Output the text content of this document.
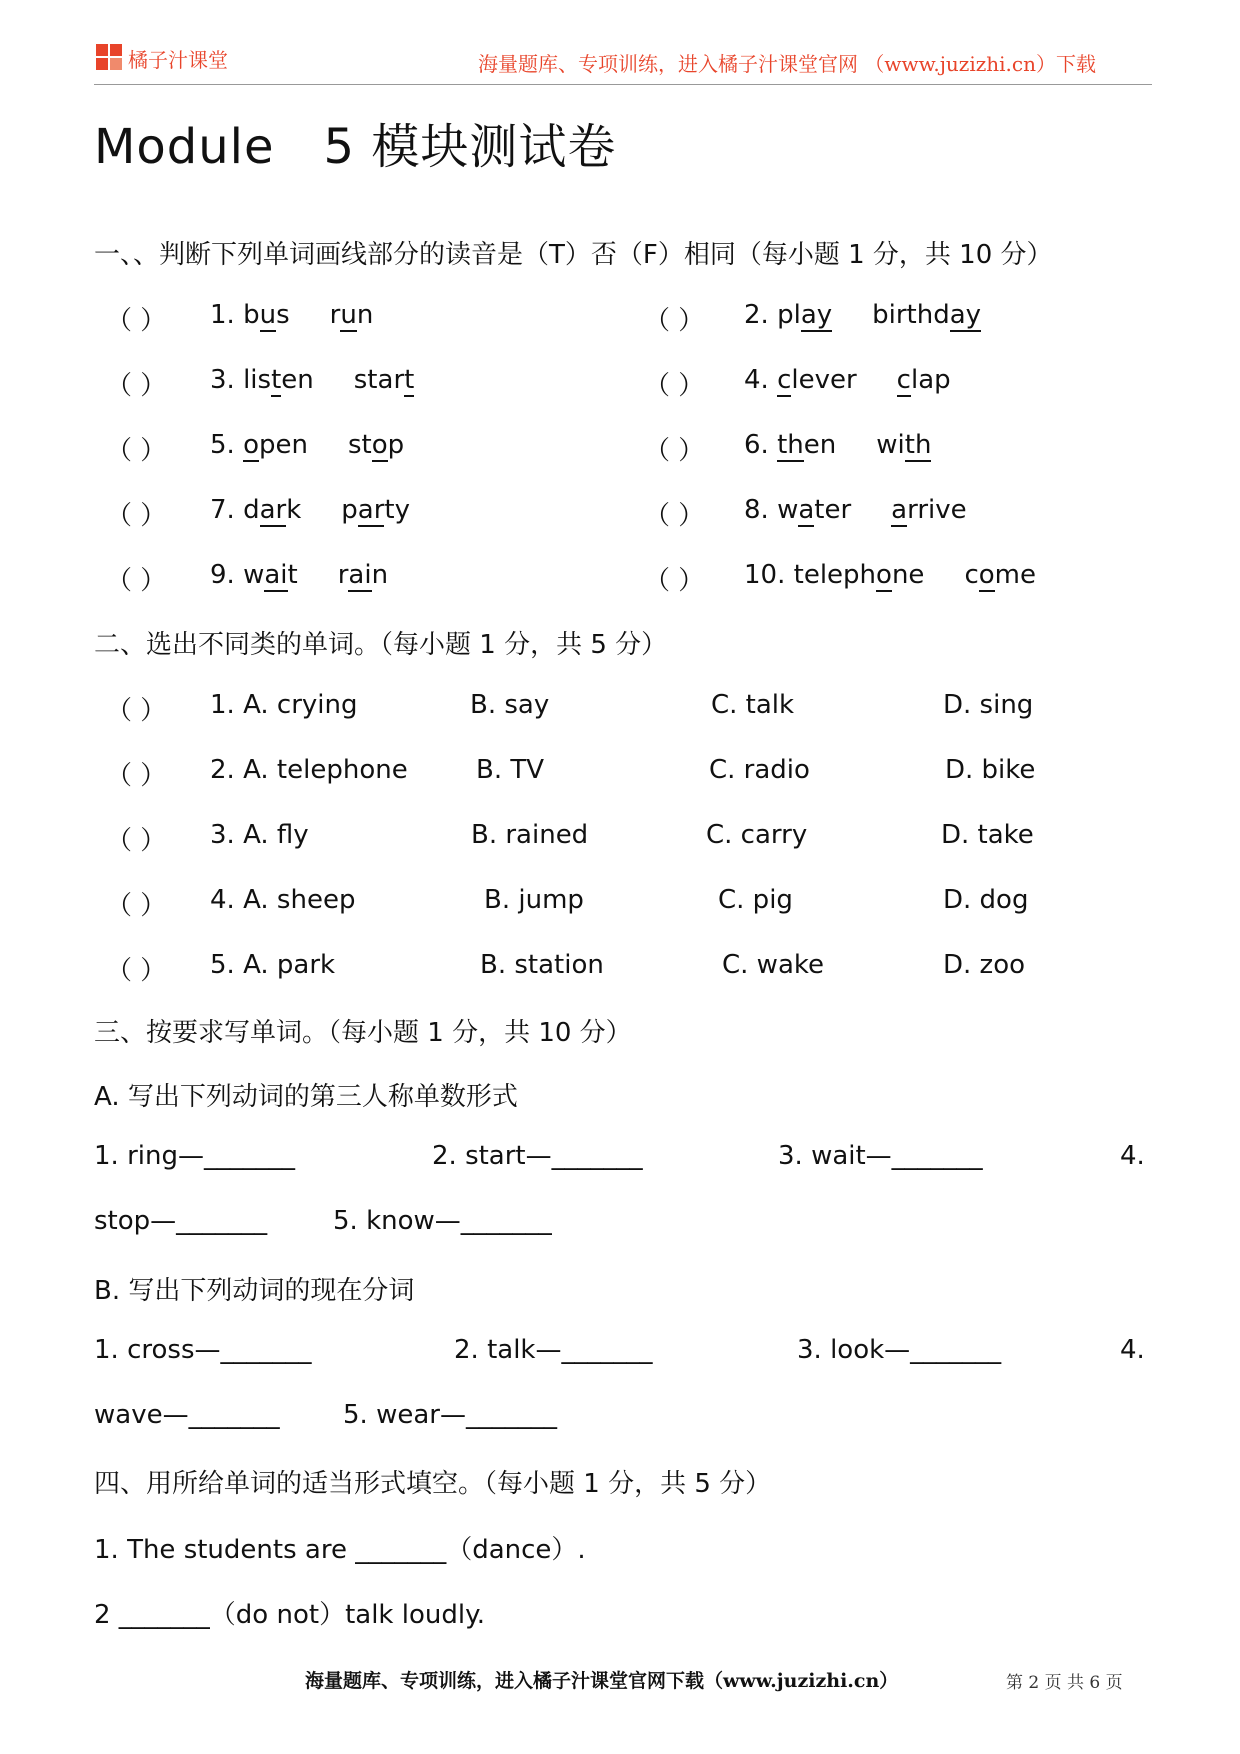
橘子汁课堂	海量题库、专项训练，进入橘子汁课堂官网 （www.juzizhi.cn）下载
Module　5 模块测试卷
一、、判断下列单词画线部分的读音是（T）否（F）相同（每小题 1 分，共 10 分）
（ ） 1. bus run	（ ） 2. play birthday
（ ） 3. listen start	（ ） 4. clever clap
（ ） 5. open stop	（ ） 6. then with
（ ） 7. dark party	（ ） 8. water arrive
（ ） 9. wait rain	（ ） 10. telephone come
二、选出不同类的单词。（每小题 1 分，共 5 分）
（ ） 1. A. crying	B. say	C. talk	D. sing
（ ） 2. A. telephone	B. TV	C. radio	D. bike
（ ） 3. A. fly	B. rained	C. carry	D. take
（ ） 4. A. sheep	B. jump	C. pig	D. dog
（ ） 5. A. park	B. station	C. wake	D. zoo
三、按要求写单词。（每小题 1 分，共 10 分）
A. 写出下列动词的第三人称单数形式
1. ring—_______	2. start—_______	3. wait—_______	4.
stop—_______	5. know—_______
B. 写出下列动词的现在分词
1. cross—_______	2. talk—_______	3. look—_______	4.
wave—_______ 5. wear—_______
四、用所给单词的适当形式填空。（每小题 1 分，共 5 分）
1. The students are _______（dance）.
2 _______（do not）talk loudly.
海量题库、专项训练，进入橘子汁课堂官网下载（www.juzizhi.cn）	第 2 页 共 6 页
